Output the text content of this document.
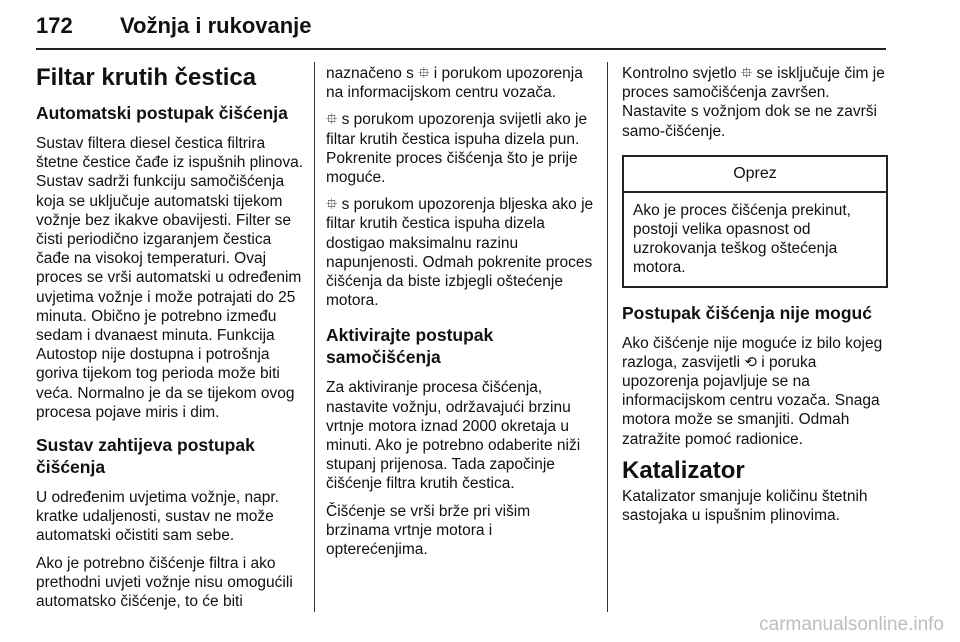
172 Vožnja i rukovanje
Filtar krutih čestica
Automatski postupak čišćenja

Sustav filtera diesel čestica filtrira štetne čestice čađe iz ispušnih plinova. Sustav sadrži funkciju samočišćenja koja se uključuje automatski tijekom vožnje bez ikakve obavijesti. Filter se čisti periodično izgaranjem čestica čađe na visokoj temperaturi. Ovaj proces se vrši automatski u određenim uvjetima vožnje i može potrajati do 25 minuta. Obično je potrebno između sedam i dvanaest minuta. Funkcija Autostop nije dostupna i potrošnja goriva tijekom tog perioda može biti veća. Normalno je da se tijekom ovog procesa pojave miris i dim.

Sustav zahtijeva postupak čišćenja

U određenim uvjetima vožnje, napr. kratke udaljenosti, sustav ne može automatski očistiti sam sebe.

Ako je potrebno čišćenje filtra i ako prethodni uvjeti vožnje nisu omogućili automatsko čišćenje, to će biti

naznačeno s ⯐ i porukom upozorenja na informacijskom centru vozača.

⯐ s porukom upozorenja svijetli ako je filtar krutih čestica ispuha dizela pun. Pokrenite proces čišćenja što je prije moguće.

⯐ s porukom upozorenja bljeska ako je filtar krutih čestica ispuha dizela dostigao maksimalnu razinu napunjenosti. Odmah pokrenite proces čišćenja da biste izbjegli oštećenje motora.

Aktivirajte postupak samočišćenja

Za aktiviranje procesa čišćenja, nastavite vožnju, održavajući brzinu vrtnje motora iznad 2000 okretaja u minuti. Ako je potrebno odaberite niži stupanj prijenosa. Tada započinje čišćenje filtra krutih čestica.

Čišćenje se vrši brže pri višim brzinama vrtnje motora i opterećenjima.

Kontrolno svjetlo ⯐ se isključuje čim je proces samočišćenja završen. Nastavite s vožnjom dok se ne završi samo-čišćenje.

Oprez
Ako je proces čišćenja prekinut, postoji velika opasnost od uzrokovanja teškog oštećenja motora.
Postupak čišćenja nije moguć

Ako čišćenje nije moguće iz bilo kojeg razloga, zasvijetli ⟲ i poruka upozorenja pojavljuje se na informacijskom centru vozača. Snaga motora može se smanjiti. Odmah zatražite pomoć radionice.

Katalizator

Katalizator smanjuje količinu štetnih sastojaka u ispušnim plinovima.

carmanualsonline.info
